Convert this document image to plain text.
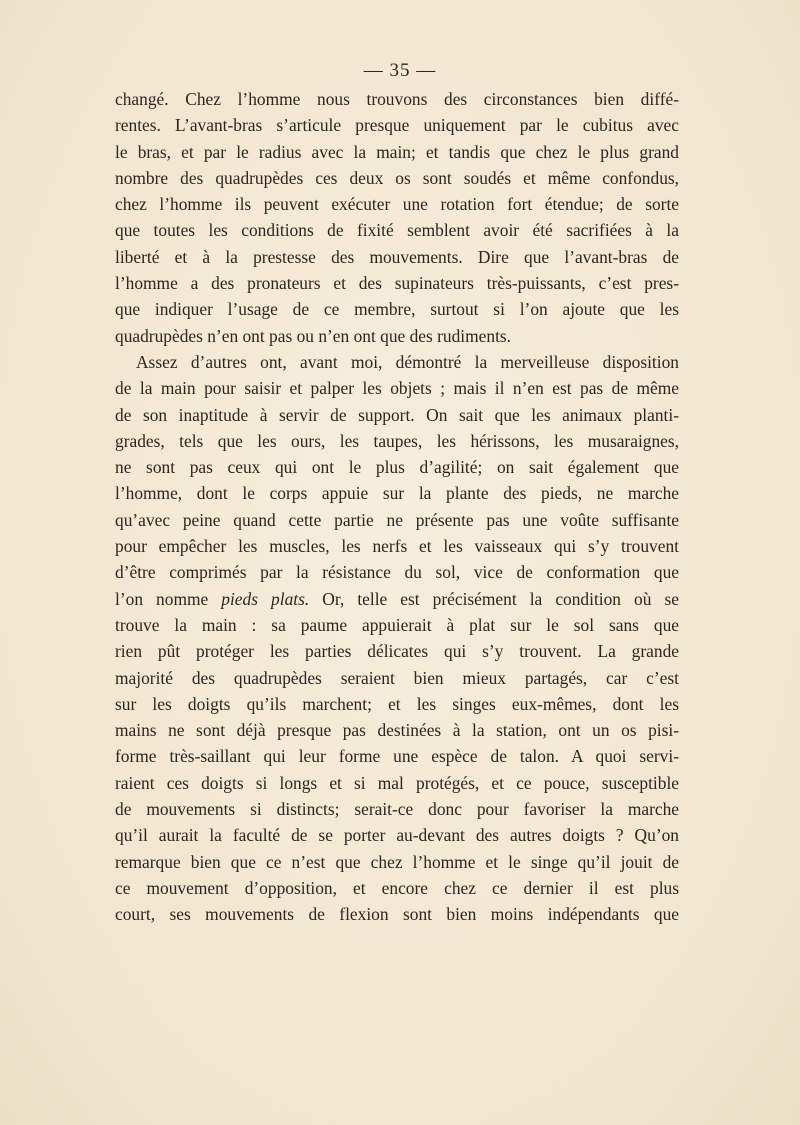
— 35 —
changé. Chez l’homme nous trouvons des circonstances bien diffé-
rentes. L’avant-bras s’articule presque uniquement par le cubitus avec
le bras, et par le radius avec la main; et tandis que chez le plus grand
nombre des quadrupèdes ces deux os sont soudés et même confondus,
chez l’homme ils peuvent exécuter une rotation fort étendue; de sorte
que toutes les conditions de fixité semblent avoir été sacrifiées à la
liberté et à la prestesse des mouvements. Dire que l’avant-bras de
l’homme a des pronateurs et des supinateurs très-puissants, c’est pres-
que indiquer l’usage de ce membre, surtout si l’on ajoute que les
quadrupèdes n’en ont pas ou n’en ont que des rudiments.
Assez d’autres ont, avant moi, démontré la merveilleuse disposition
de la main pour saisir et palper les objets ; mais il n’en est pas de même
de son inaptitude à servir de support. On sait que les animaux planti-
grades, tels que les ours, les taupes, les hérissons, les musaraignes,
ne sont pas ceux qui ont le plus d’agilité; on sait également que
l’homme, dont le corps appuie sur la plante des pieds, ne marche
qu’avec peine quand cette partie ne présente pas une voûte suffisante
pour empêcher les muscles, les nerfs et les vaisseaux qui s’y trouvent
d’être comprimés par la résistance du sol, vice de conformation que
l’on nomme pieds plats. Or, telle est précisément la condition où se
trouve la main : sa paume appuierait à plat sur le sol sans que
rien pût protéger les parties délicates qui s’y trouvent. La grande
majorité des quadrupèdes seraient bien mieux partagés, car c’est
sur les doigts qu’ils marchent; et les singes eux-mêmes, dont les
mains ne sont déjà presque pas destinées à la station, ont un os pisi-
forme très-saillant qui leur forme une espèce de talon. A quoi servi-
raient ces doigts si longs et si mal protégés, et ce pouce, susceptible
de mouvements si distincts; serait-ce donc pour favoriser la marche
qu’il aurait la faculté de se porter au-devant des autres doigts ? Qu’on
remarque bien que ce n’est que chez l’homme et le singe qu’il jouit de
ce mouvement d’opposition, et encore chez ce dernier il est plus
court, ses mouvements de flexion sont bien moins indépendants que
